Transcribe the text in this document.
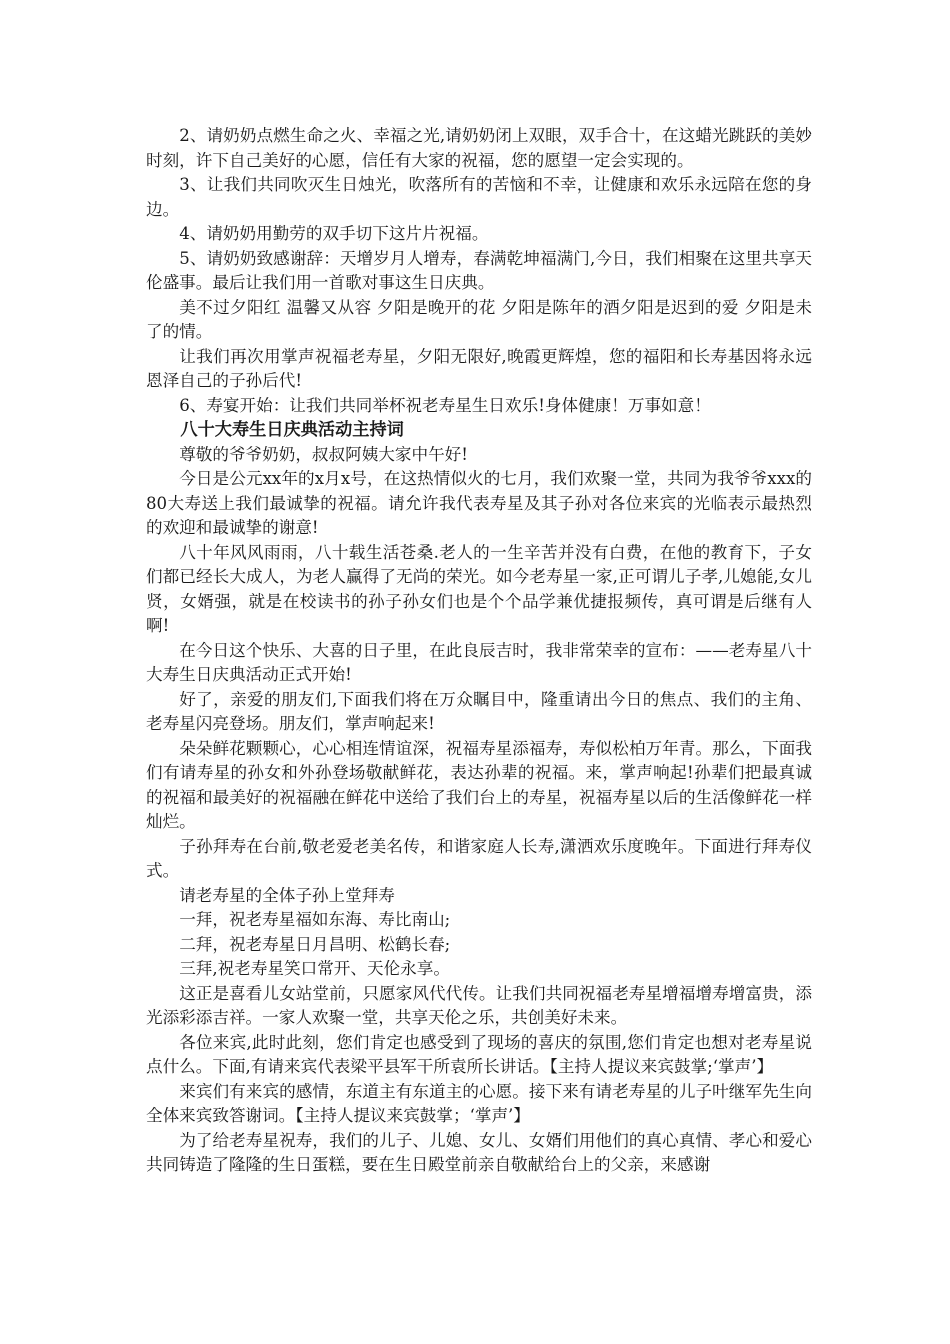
2、请奶奶点燃生命之火、幸福之光,请奶奶闭上双眼，双手合十，在这蜡光跳跃的美妙时刻，许下自己美好的心愿，信任有大家的祝福，您的愿望一定会实现的。

3、让我们共同吹灭生日烛光，吹落所有的苦恼和不幸，让健康和欢乐永远陪在您的身边。

4、请奶奶用勤劳的双手切下这片片祝福。

5、请奶奶致感谢辞：天增岁月人增寿，春满乾坤福满门,今日，我们相聚在这里共享天伦盛事。最后让我们用一首歌对事这生日庆典。

美不过夕阳红 温馨又从容 夕阳是晚开的花 夕阳是陈年的酒夕阳是迟到的爱 夕阳是未了的情。

让我们再次用掌声祝福老寿星，夕阳无限好,晚霞更辉煌，您的福阳和长寿基因将永远恩泽自己的子孙后代!

6、寿宴开始：让我们共同举杯祝老寿星生日欢乐!身体健康！万事如意！

八十大寿生日庆典活动主持词

尊敬的爷爷奶奶，叔叔阿姨大家中午好!

今日是公元xx年的x月x号，在这热情似火的七月，我们欢聚一堂，共同为我爷爷xxx的80大寿送上我们最诚挚的祝福。请允许我代表寿星及其子孙对各位来宾的光临表示最热烈的欢迎和最诚挚的谢意!

八十年风风雨雨，八十载生活苍桑.老人的一生辛苦并没有白费，在他的教育下，子女们都已经长大成人，为老人赢得了无尚的荣光。如今老寿星一家,正可谓儿子孝,儿媳能,女儿贤，女婿强，就是在校读书的孙子孙女们也是个个品学兼优捷报频传，真可谓是后继有人啊!

在今日这个快乐、大喜的日子里，在此良辰吉时，我非常荣幸的宣布：——老寿星八十大寿生日庆典活动正式开始!

好了，亲爱的朋友们,下面我们将在万众瞩目中，隆重请出今日的焦点、我们的主角、老寿星闪亮登场。朋友们，掌声响起来!

朵朵鲜花颗颗心，心心相连情谊深，祝福寿星添福寿，寿似松柏万年青。那么，下面我们有请寿星的孙女和外孙登场敬献鲜花，表达孙辈的祝福。来，掌声响起!孙辈们把最真诚的祝福和最美好的祝福融在鲜花中送给了我们台上的寿星，祝福寿星以后的生活像鲜花一样灿烂。

子孙拜寿在台前,敬老爱老美名传，和谐家庭人长寿,潇洒欢乐度晚年。下面进行拜寿仪式。

请老寿星的全体子孙上堂拜寿

一拜，祝老寿星福如东海、寿比南山;

二拜，祝老寿星日月昌明、松鹤长春;

三拜,祝老寿星笑口常开、天伦永享。

这正是喜看儿女站堂前，只愿家风代代传。让我们共同祝福老寿星增福增寿增富贵，添光添彩添吉祥。一家人欢聚一堂，共享天伦之乐，共创美好未来。

各位来宾,此时此刻，您们肯定也感受到了现场的喜庆的氛围,您们肯定也想对老寿星说点什么。下面,有请来宾代表梁平县军干所袁所长讲话。【主持人提议来宾鼓掌;‘掌声’】

来宾们有来宾的感情，东道主有东道主的心愿。接下来有请老寿星的儿子叶继军先生向全体来宾致答谢词。【主持人提议来宾鼓掌；‘掌声’】

为了给老寿星祝寿，我们的儿子、儿媳、女儿、女婿们用他们的真心真情、孝心和爱心共同铸造了隆隆的生日蛋糕，要在生日殿堂前亲自敬献给台上的父亲，来感谢
